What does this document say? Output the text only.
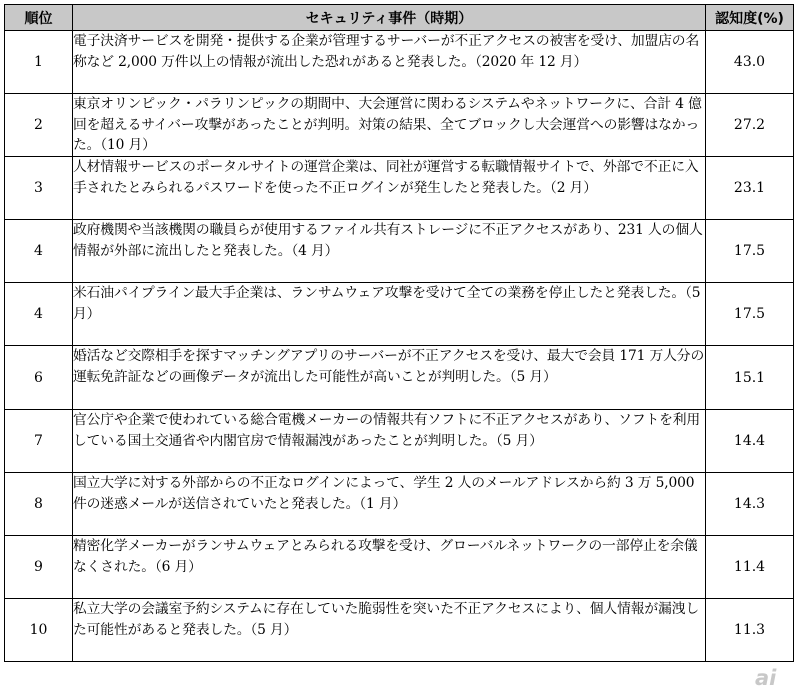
順位	セキュリティ事件（時期）	認知度(%)
1	電子決済サービスを開発・提供する企業が管理するサーバーが不正アクセスの被害を受け、加盟店の名称など 2,000 万件以上の情報が流出した恐れがあると発表した。（2020 年 12 月）	43.0
2	東京オリンピック・パラリンピックの期間中、大会運営に関わるシステムやネットワークに、合計 4 億回を超えるサイバー攻撃があったことが判明。対策の結果、全てブロックし大会運営への影響はなかった。（10 月）	27.2
3	人材情報サービスのポータルサイトの運営企業は、同社が運営する転職情報サイトで、外部で不正に入手されたとみられるパスワードを使った不正ログインが発生したと発表した。（2 月）	23.1
4	政府機関や当該機関の職員らが使用するファイル共有ストレージに不正アクセスがあり、231 人の個人情報が外部に流出したと発表した。（4 月）	17.5
4	米石油パイプライン最大手企業は、ランサムウェア攻撃を受けて全ての業務を停止したと発表した。（5 月）	17.5
6	婚活など交際相手を探すマッチングアプリのサーバーが不正アクセスを受け、最大で会員 171 万人分の運転免許証などの画像データが流出した可能性が高いことが判明した。（5 月）	15.1
7	官公庁や企業で使われている総合電機メーカーの情報共有ソフトに不正アクセスがあり、ソフトを利用している国土交通省や内閣官房で情報漏洩があったことが判明した。（5 月）	14.4
8	国立大学に対する外部からの不正なログインによって、学生 2 人のメールアドレスから約 3 万 5,000 件の迷惑メールが送信されていたと発表した。（1 月）	14.3
9	精密化学メーカーがランサムウェアとみられる攻撃を受け、グローバルネットワークの一部停止を余儀なくされた。（6 月）	11.4
10	私立大学の会議室予約システムに存在していた脆弱性を突いた不正アクセスにより、個人情報が漏洩した可能性があると発表した。（5 月）	11.3
ai
